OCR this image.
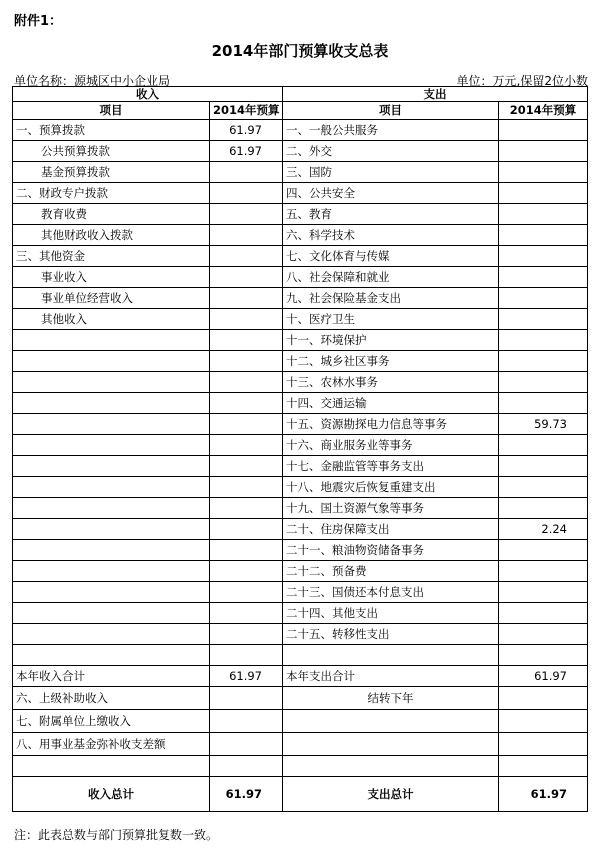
附件1：
2014年部门预算收支总表
单位名称：源城区中小企业局	单位：万元,保留2位小数
收入		支出	
项目	2014年预算	项目	2014年预算
一、预算拨款	61.97	一、一般公共服务	
公共预算拨款	61.97	二、外交	
基金预算拨款		三、国防	
二、财政专户拨款		四、公共安全	
教育收费		五、教育	
其他财政收入拨款		六、科学技术	
三、其他资金		七、文化体育与传媒	
事业收入		八、社会保障和就业	
事业单位经营收入		九、社会保险基金支出	
其他收入		十、医疗卫生	
		十一、环境保护	
		十二、城乡社区事务	
		十三、农林水事务	
		十四、交通运输	
		十五、资源勘探电力信息等事务	59.73
		十六、商业服务业等事务	
		十七、金融监管等事务支出	
		十八、地震灾后恢复重建支出	
		十九、国土资源气象等事务	
		二十、住房保障支出	2.24
		二十一、粮油物资储备事务	
		二十二、预备费	
		二十三、国债还本付息支出	
		二十四、其他支出	
		二十五、转移性支出	

本年收入合计	61.97	本年支出合计	61.97
六、上级补助收入		结转下年	
七、附属单位上缴收入			
八、用事业基金弥补收支差额			

收入总计	61.97	支出总计	61.97
注：此表总数与部门预算批复数一致。
